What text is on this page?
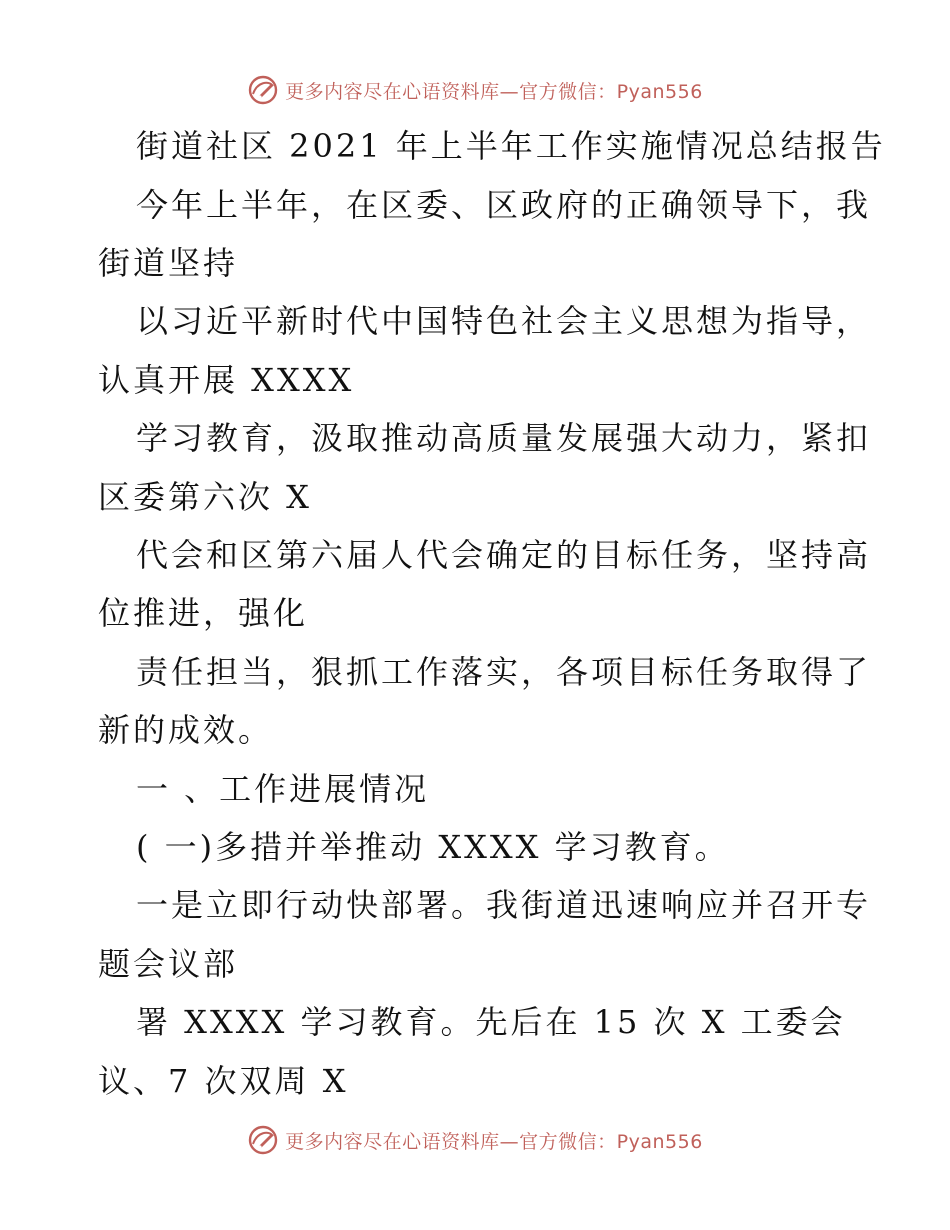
更多内容尽在心语资料库—官方微信：Pyan556
街道社区 2021 年上半年工作实施情况总结报告
今年上半年，在区委、区政府的正确领导下，我
街道坚持
以习近平新时代中国特色社会主义思想为指导，
认真开展 XXXX
学习教育，汲取推动高质量发展强大动力，紧扣
区委第六次 X
代会和区第六届人代会确定的目标任务，坚持高
位推进，强化
责任担当，狠抓工作落实，各项目标任务取得了
新的成效。
一 、工作进展情况
( 一)多措并举推动 XXXX 学习教育。
一是立即行动快部署。我街道迅速响应并召开专
题会议部
署 XXXX 学习教育。先后在 15 次 X 工委会
议、7 次双周 X
更多内容尽在心语资料库—官方微信：Pyan556
